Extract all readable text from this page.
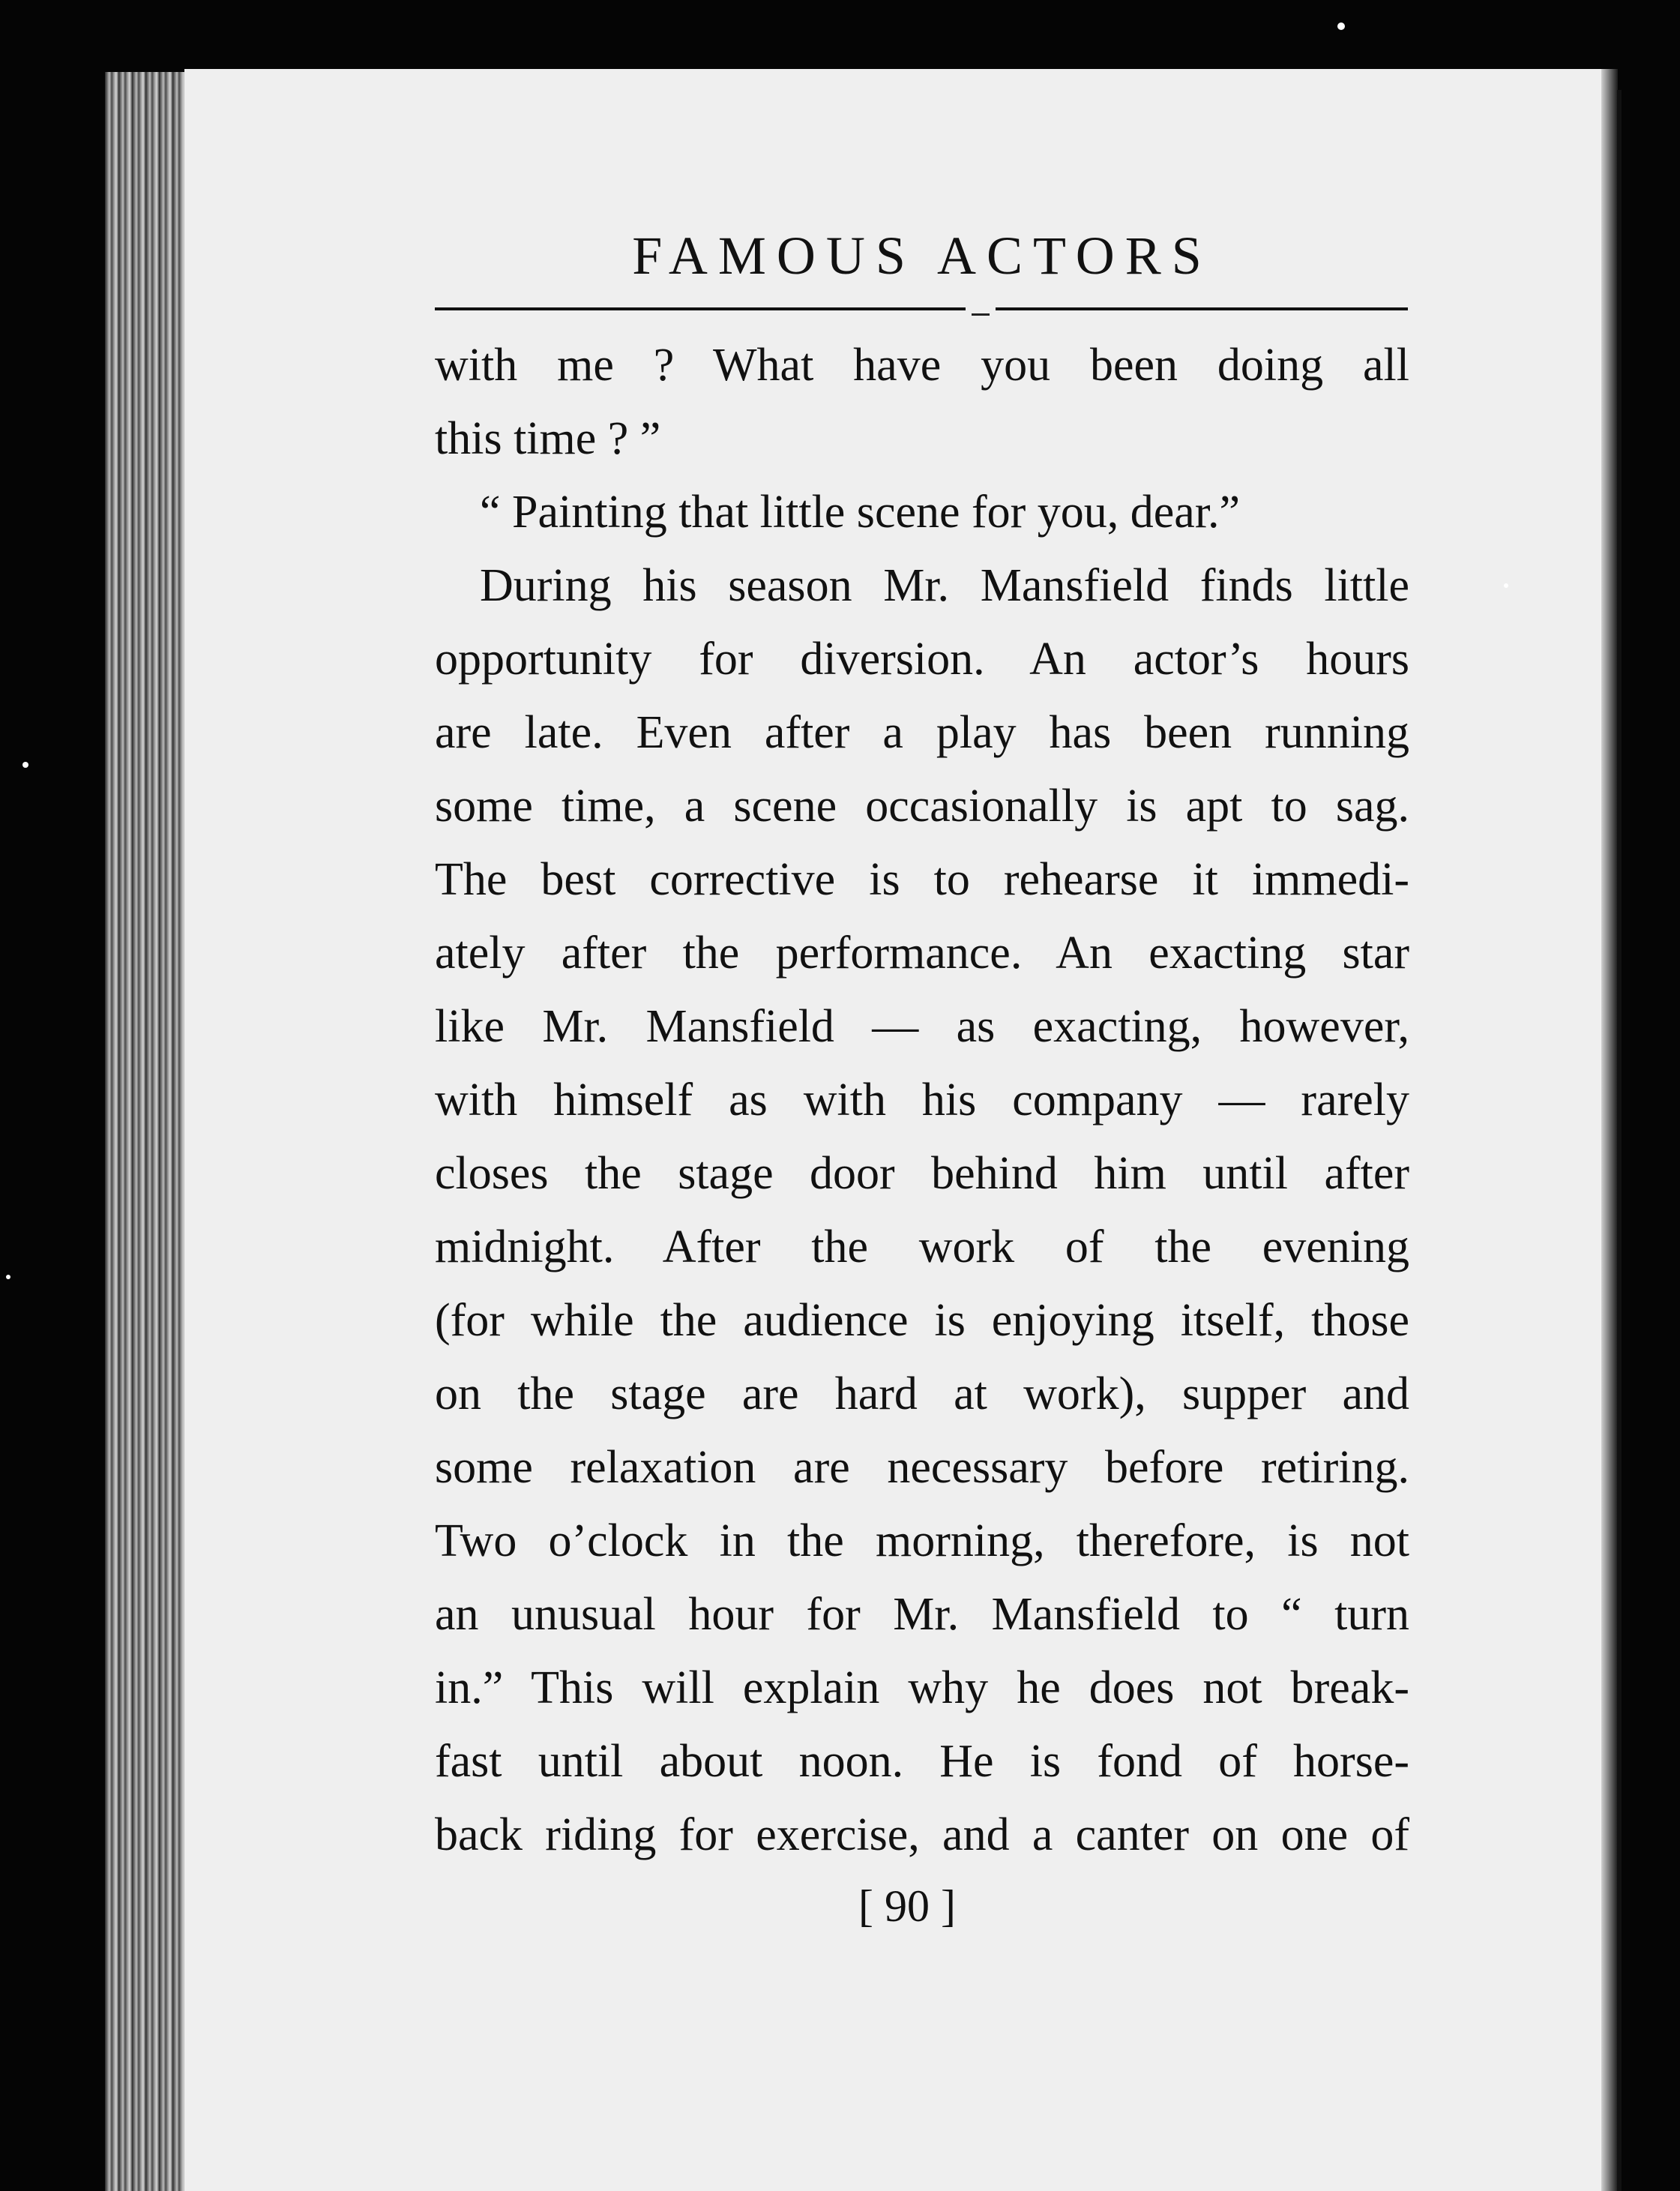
FAMOUS ACTORS
with me ? What have you been doing all
this time ? ”
“ Painting that little scene for you, dear.”
During his season Mr. Mansfield finds little
opportunity for diversion. An actor’s hours
are late. Even after a play has been running
some time, a scene occasionally is apt to sag.
The best corrective is to rehearse it immedi-
ately after the performance. An exacting star
like Mr. Mansfield — as exacting, however,
with himself as with his company — rarely
closes the stage door behind him until after
midnight. After the work of the evening
(for while the audience is enjoying itself, those
on the stage are hard at work), supper and
some relaxation are necessary before retiring.
Two o’clock in the morning, therefore, is not
an unusual hour for Mr. Mansfield to “ turn
in.” This will explain why he does not break-
fast until about noon. He is fond of horse-
back riding for exercise, and a canter on one of
[ 90 ]
